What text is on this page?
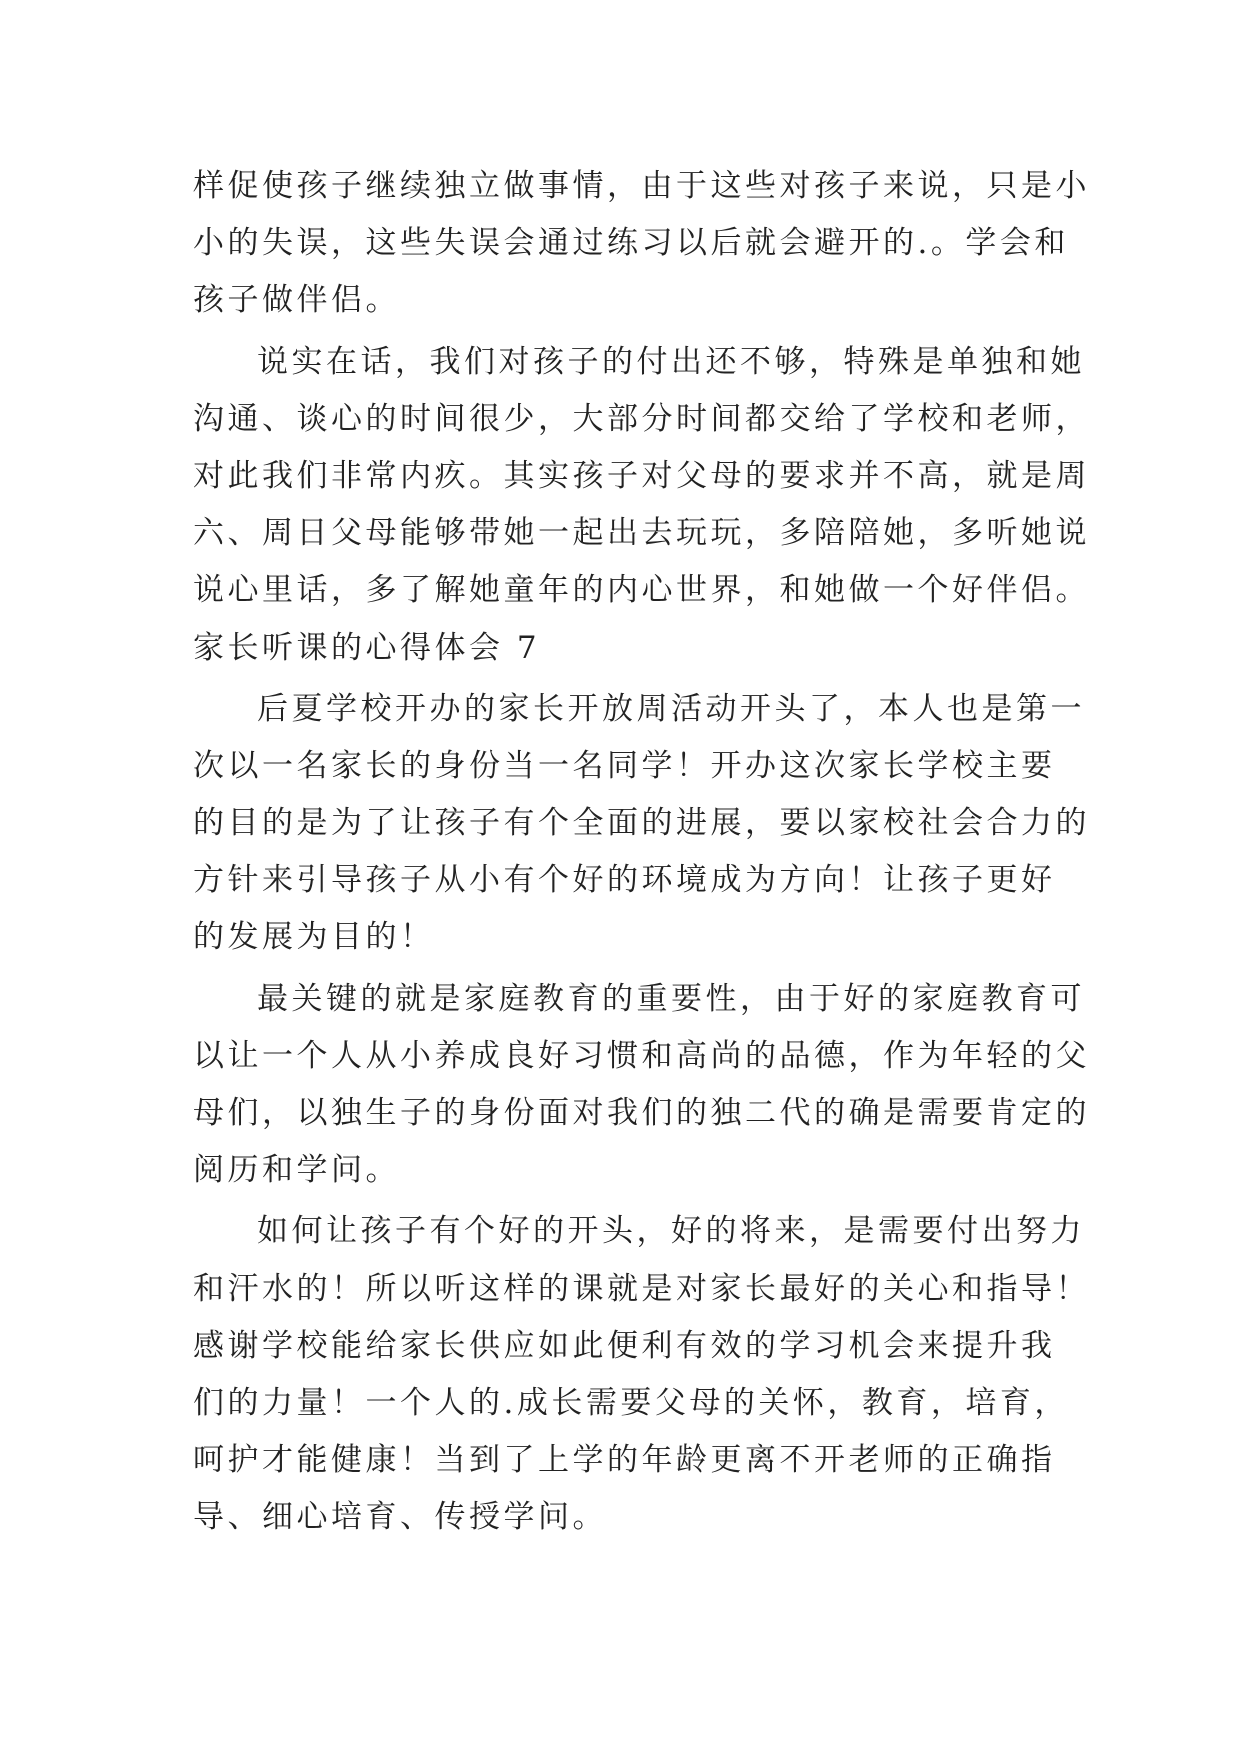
样促使孩子继续独立做事情，由于这些对孩子来说，只是小
小的失误，这些失误会通过练习以后就会避开的.。学会和
孩子做伴侣。
说实在话，我们对孩子的付出还不够，特殊是单独和她
沟通、谈心的时间很少，大部分时间都交给了学校和老师，
对此我们非常内疚。其实孩子对父母的要求并不高，就是周
六、周日父母能够带她一起出去玩玩，多陪陪她，多听她说
说心里话，多了解她童年的内心世界，和她做一个好伴侣。
家长听课的心得体会 7
后夏学校开办的家长开放周活动开头了，本人也是第一
次以一名家长的身份当一名同学！开办这次家长学校主要
的目的是为了让孩子有个全面的进展，要以家校社会合力的
方针来引导孩子从小有个好的环境成为方向！让孩子更好
的发展为目的！
最关键的就是家庭教育的重要性，由于好的家庭教育可
以让一个人从小养成良好习惯和高尚的品德，作为年轻的父
母们，以独生子的身份面对我们的独二代的确是需要肯定的
阅历和学问。
如何让孩子有个好的开头，好的将来，是需要付出努力
和汗水的！所以听这样的课就是对家长最好的关心和指导！
感谢学校能给家长供应如此便利有效的学习机会来提升我
们的力量！一个人的.成长需要父母的关怀，教育，培育，
呵护才能健康！当到了上学的年龄更离不开老师的正确指
导、细心培育、传授学问。
